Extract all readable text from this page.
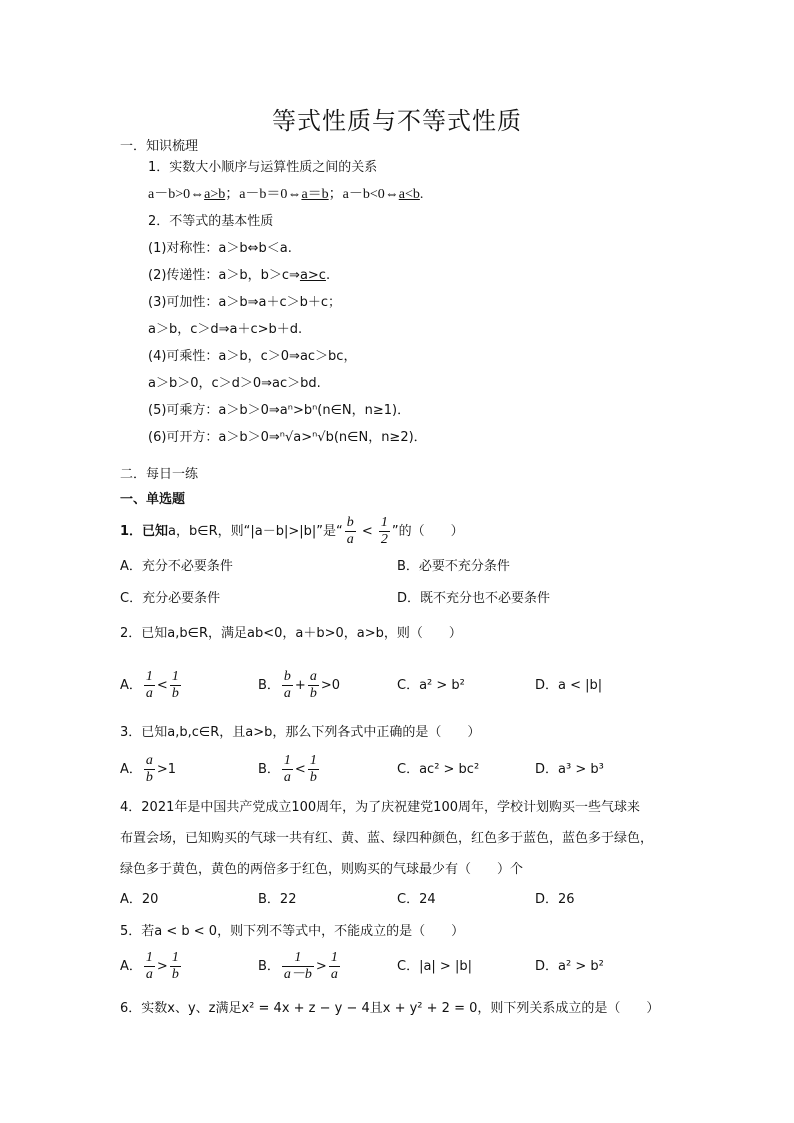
等式性质与不等式性质
一．知识梳理
1．实数大小顺序与运算性质之间的关系
a－b>0⇔a>b；a－b＝0⇔a＝b；a－b<0⇔a<b.
2．不等式的基本性质
(1)对称性：a＞b⇔b＜a.
(2)传递性：a＞b，b＞c⇒a>c.
(3)可加性：a＞b⇒a＋c＞b＋c；
a＞b，c＞d⇒a＋c>b＋d.
(4)可乘性：a＞b，c＞0⇒ac＞bc，
a＞b＞0，c＞d＞0⇒ac＞bd.
(5)可乘方：a＞b＞0⇒aⁿ>bⁿ(n∈N，n≥1)．
(6)可开方：a＞b＞0⇒ⁿ√a>ⁿ√b(n∈N，n≥2)．
二．每日一练
一、单选题
1．已知a，b∈R，则“|a－b|>|b|”是“ $\frac{b}{a} < \frac{1}{2}$ ”的（　　）
A．充分不必要条件	B．必要不充分条件
C．充分必要条件	D．既不充分也不必要条件
2．已知a,b∈R，满足ab<0，a＋b>0，a>b，则（　　）
A． $\frac{1}{a} < \frac{1}{b}$	B． $\frac{b}{a} + \frac{a}{b} >0$	C．a² > b²	D．a < |b|
3．已知a,b,c∈R，且a>b，那么下列各式中正确的是（　　）
A． $\frac{a}{b} >1$	B． $\frac{1}{a} < \frac{1}{b}$	C．ac² > bc²	D．a³ > b³
4．2021年是中国共产党成立100周年，为了庆祝建党100周年，学校计划购买一些气球来
布置会场，已知购买的气球一共有红、黄、蓝、绿四种颜色，红色多于蓝色，蓝色多于绿色，
绿色多于黄色，黄色的两倍多于红色，则购买的气球最少有（　　）个
A．20	B．22	C．24	D．26
5．若a < b < 0，则下列不等式中，不能成立的是（　　）
A． $\frac{1}{a} > \frac{1}{b}$	B． $\frac{1}{a-b} > \frac{1}{a}$	C．|a| > |b|	D．a² > b²
6．实数x、y、z满足x² = 4x + z − y − 4且x + y² + 2 = 0，则下列关系成立的是（　　）
